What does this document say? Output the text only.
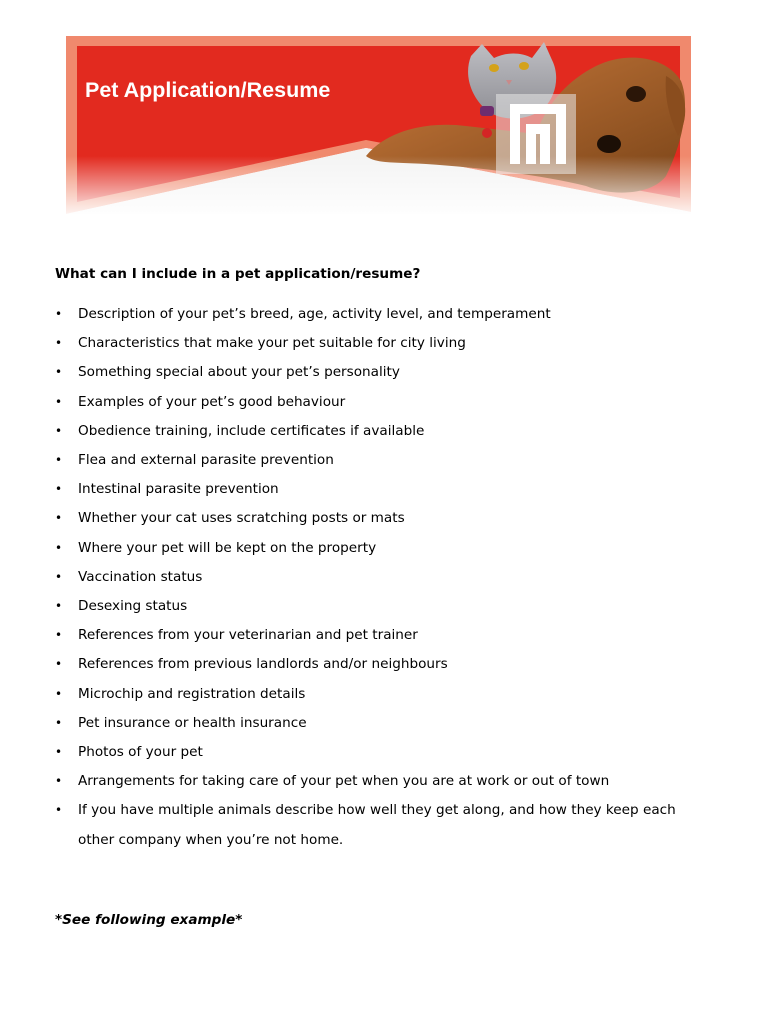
Pet Application/Resume
What can I include in a pet application/resume?
• Description of your pet’s breed, age, activity level, and temperament
• Characteristics that make your pet suitable for city living
• Something special about your pet’s personality
• Examples of your pet’s good behaviour
• Obedience training, include certificates if available
• Flea and external parasite prevention
• Intestinal parasite prevention
• Whether your cat uses scratching posts or mats
• Where your pet will be kept on the property
• Vaccination status
• Desexing status
• References from your veterinarian and pet trainer
• References from previous landlords and/or neighbours
• Microchip and registration details
• Pet insurance or health insurance
• Photos of your pet
• Arrangements for taking care of your pet when you are at work or out of town
• If you have multiple animals describe how well they get along, and how they keep each other company when you’re not home.
*See following example*
